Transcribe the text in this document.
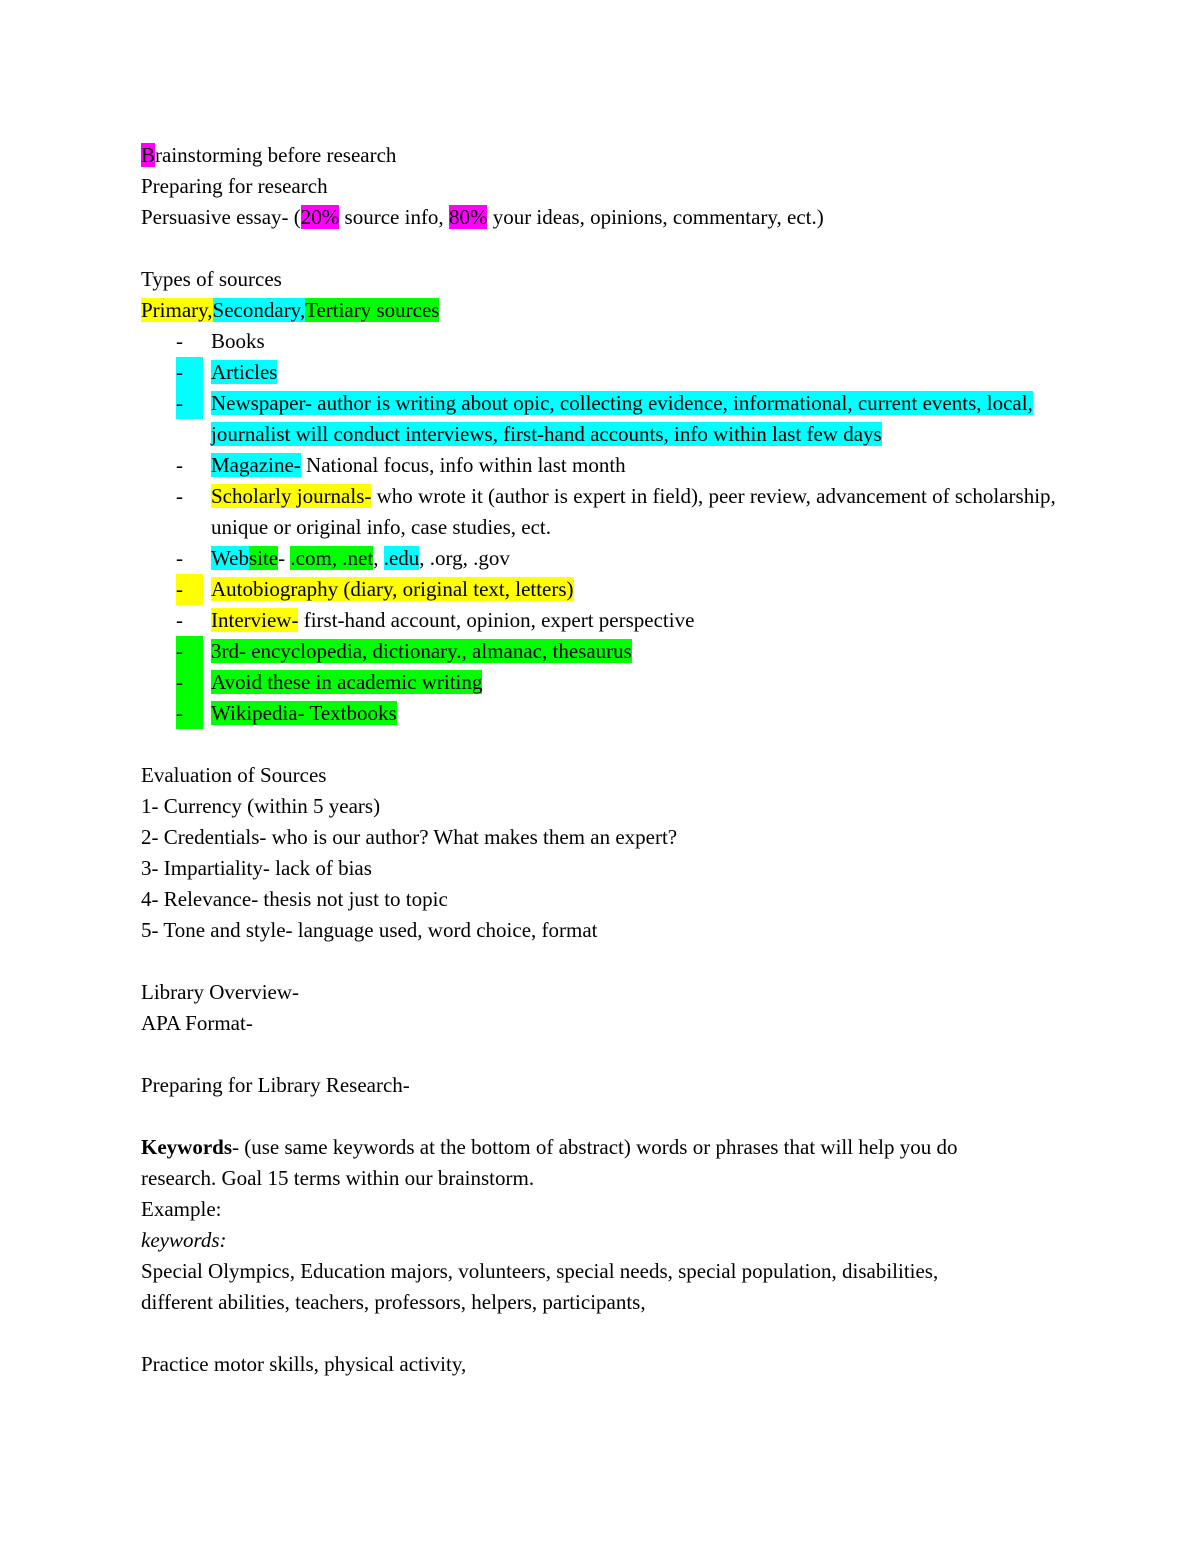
Brainstorming before research
Preparing for research
Persuasive essay- (20% source info, 80% your ideas, opinions, commentary, ect.)
Types of sources
Primary,Secondary,Tertiary sources
- Books
-	Articles
-	Newspaper- author is writing about opic, collecting evidence, informational, current events, local, journalist will conduct interviews, first-hand accounts, info within last few days
- Magazine- National focus, info within last month
- Scholarly journals- who wrote it (author is expert in field), peer review, advancement of scholarship, unique or original info, case studies, ect.
- Website- .com, .net, .edu, .org, .gov
-	Autobiography (diary, original text, letters)
- Interview- first-hand account, opinion, expert perspective
-	3rd- encyclopedia, dictionary., almanac, thesaurus
-	Avoid these in academic writing
-	Wikipedia- Textbooks
Evaluation of Sources
1- Currency (within 5 years)
2- Credentials- who is our author? What makes them an expert?
3- Impartiality- lack of bias
4- Relevance- thesis not just to topic
5- Tone and style- language used, word choice, format
Library Overview-
APA Format-
Preparing for Library Research-
Keywords- (use same keywords at the bottom of abstract) words or phrases that will help you do
research. Goal 15 terms within our brainstorm.
Example:
keywords:
Special Olympics, Education majors, volunteers, special needs, special population, disabilities,
different abilities, teachers, professors, helpers, participants,
Practice motor skills, physical activity,
